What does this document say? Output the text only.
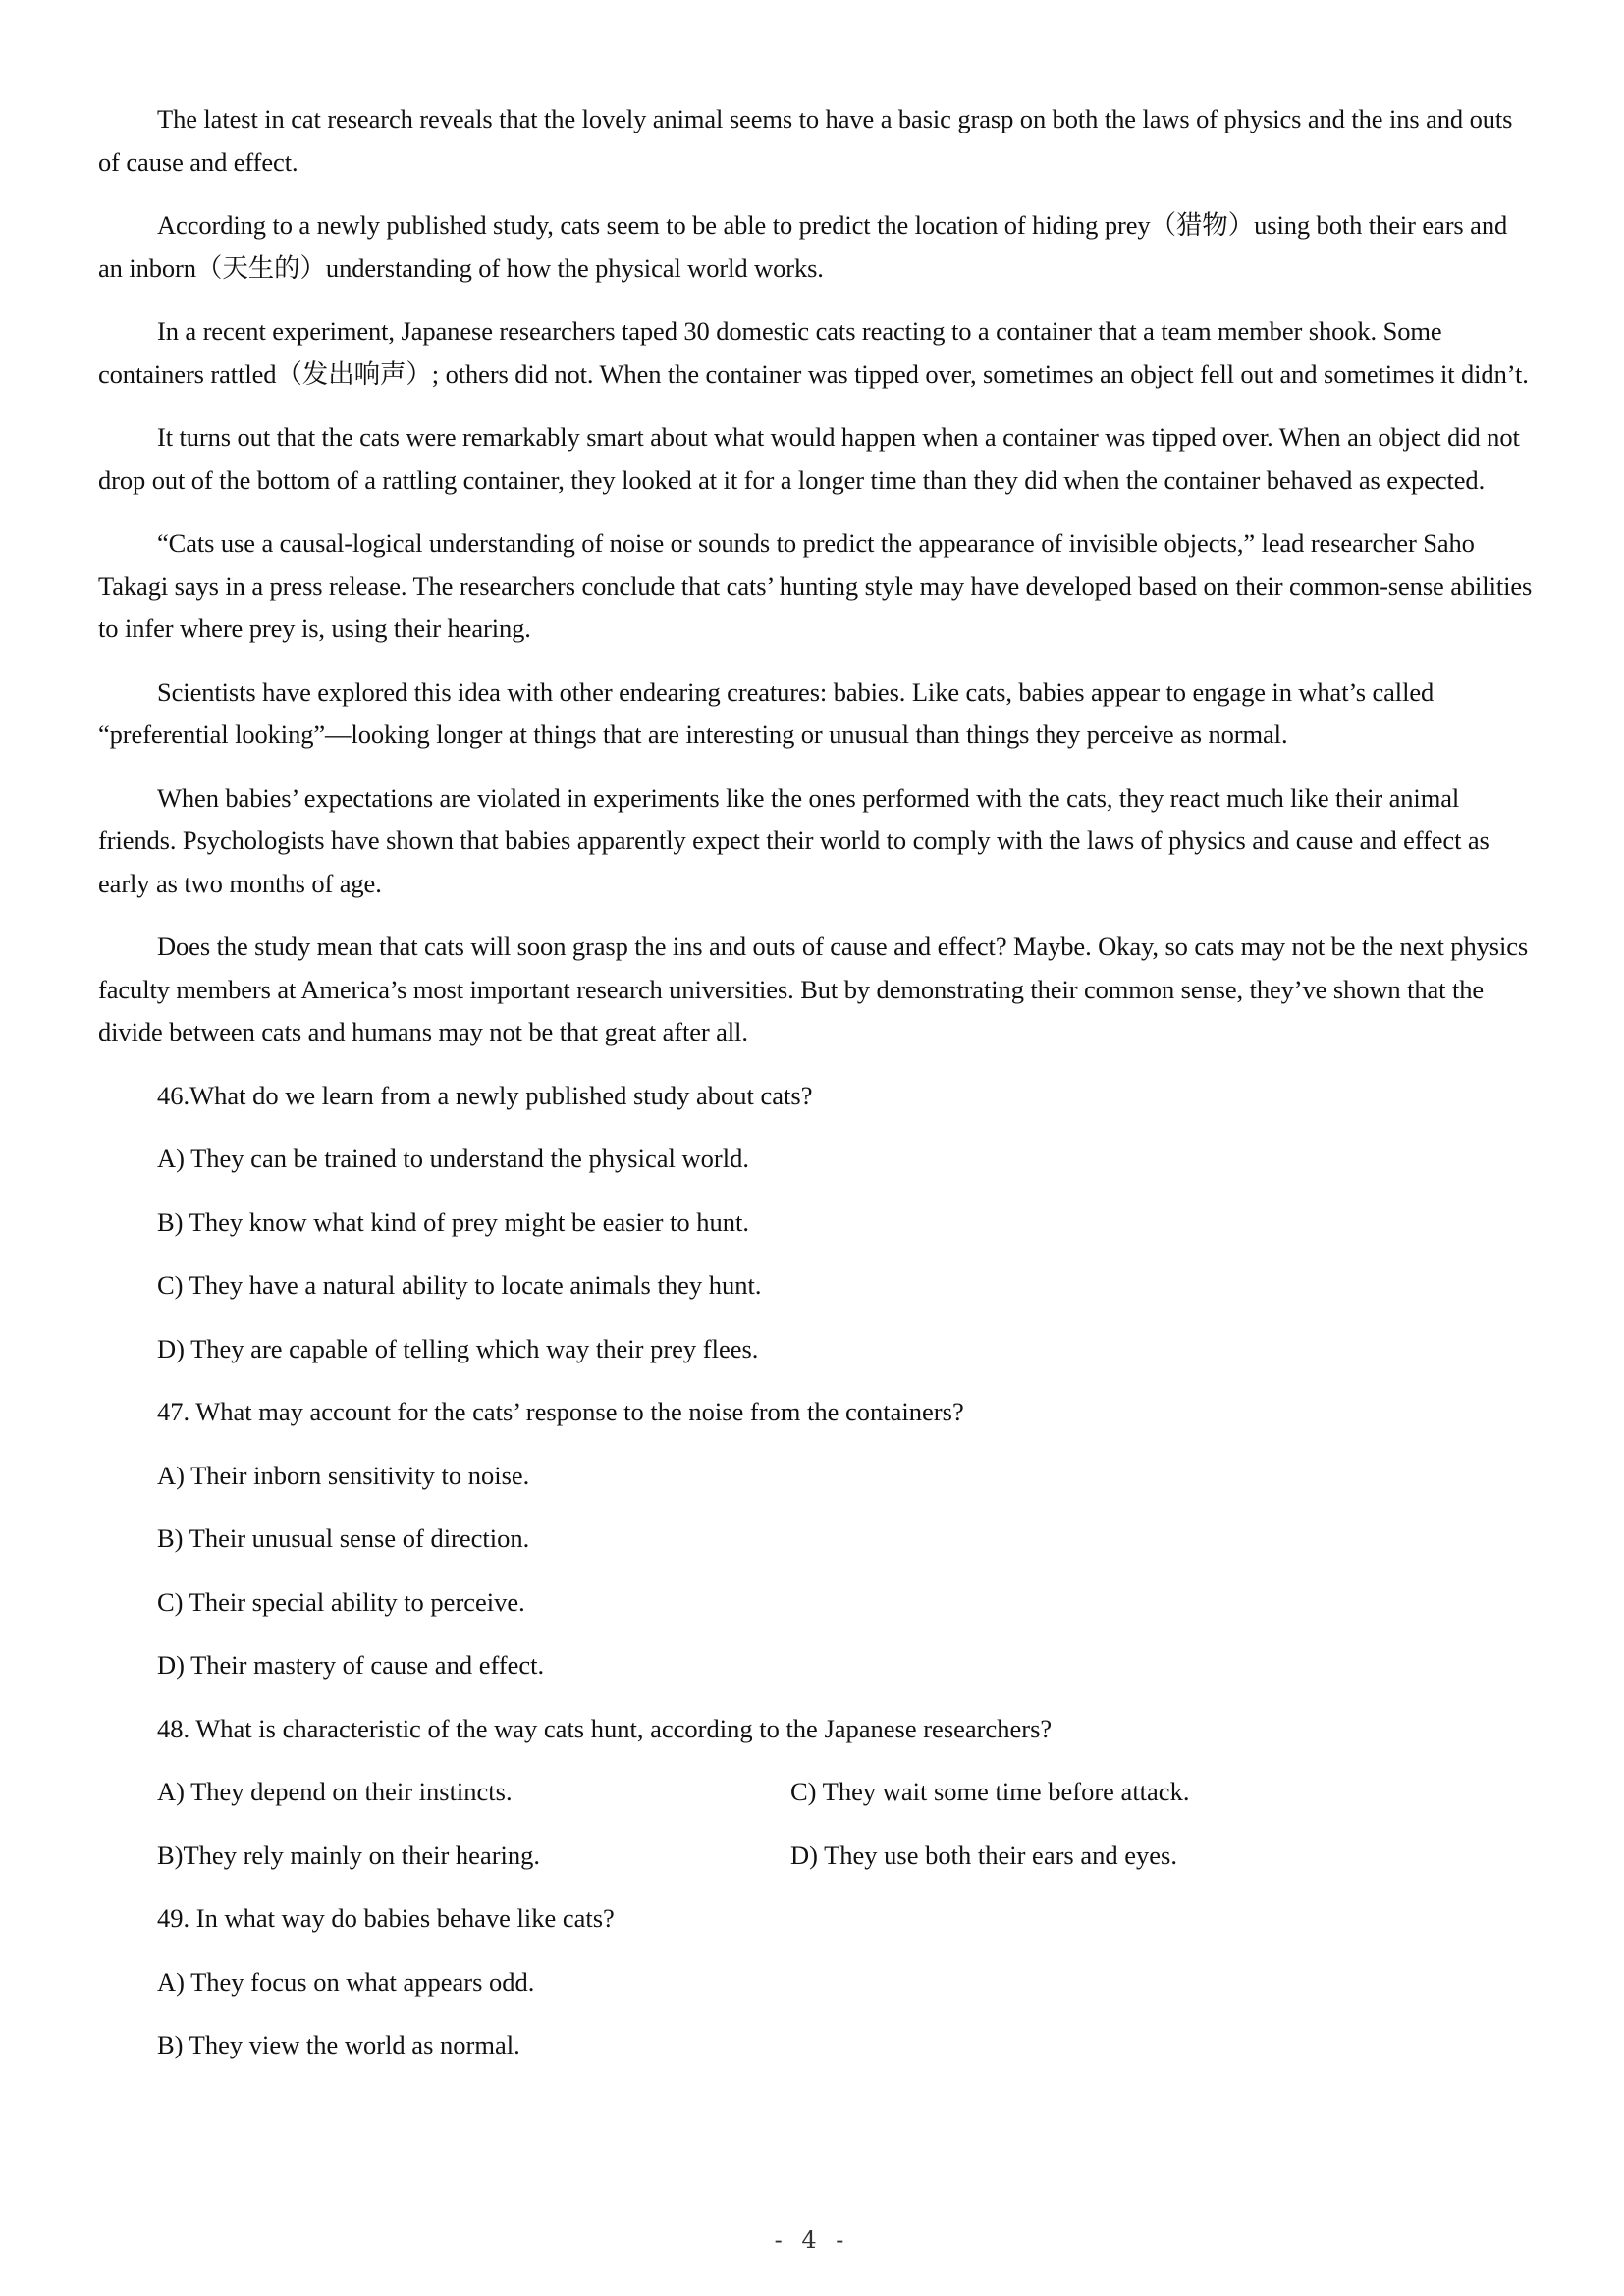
The latest in cat research reveals that the lovely animal seems to have a basic grasp on both the laws of physics and the ins and outs of cause and effect.

According to a newly published study, cats seem to be able to predict the location of hiding prey（猎物）using both their ears and an inborn（天生的）understanding of how the physical world works.

In a recent experiment, Japanese researchers taped 30 domestic cats reacting to a container that a team member shook. Some containers rattled（发出响声）; others did not. When the container was tipped over, sometimes an object fell out and sometimes it didn’t.

It turns out that the cats were remarkably smart about what would happen when a container was tipped over. When an object did not drop out of the bottom of a rattling container, they looked at it for a longer time than they did when the container behaved as expected.

“Cats use a causal-logical understanding of noise or sounds to predict the appearance of invisible objects,” lead researcher Saho Takagi says in a press release. The researchers conclude that cats’ hunting style may have developed based on their common-sense abilities to infer where prey is, using their hearing.

Scientists have explored this idea with other endearing creatures: babies. Like cats, babies appear to engage in what’s called “preferential looking”—looking longer at things that are interesting or unusual than things they perceive as normal.

When babies’ expectations are violated in experiments like the ones performed with the cats, they react much like their animal friends. Psychologists have shown that babies apparently expect their world to comply with the laws of physics and cause and effect as early as two months of age.

Does the study mean that cats will soon grasp the ins and outs of cause and effect? Maybe. Okay, so cats may not be the next physics faculty members at America’s most important research universities. But by demonstrating their common sense, they’ve shown that the divide between cats and humans may not be that great after all.

46.What do we learn from a newly published study about cats?

A) They can be trained to understand the physical world.

B) They know what kind of prey might be easier to hunt.

C) They have a natural ability to locate animals they hunt.

D) They are capable of telling which way their prey flees.

47. What may account for the cats’ response to the noise from the containers?

A) Their inborn sensitivity to noise.

B) Their unusual sense of direction.

C) Their special ability to perceive.

D) Their mastery of cause and effect.

48. What is characteristic of the way cats hunt, according to the Japanese researchers?

A) They depend on their instincts.	C) They wait some time before attack.
B)They rely mainly on their hearing.	D) They use both their ears and eyes.

49. In what way do babies behave like cats?

A) They focus on what appears odd.

B) They view the world as normal.

- 4 -
